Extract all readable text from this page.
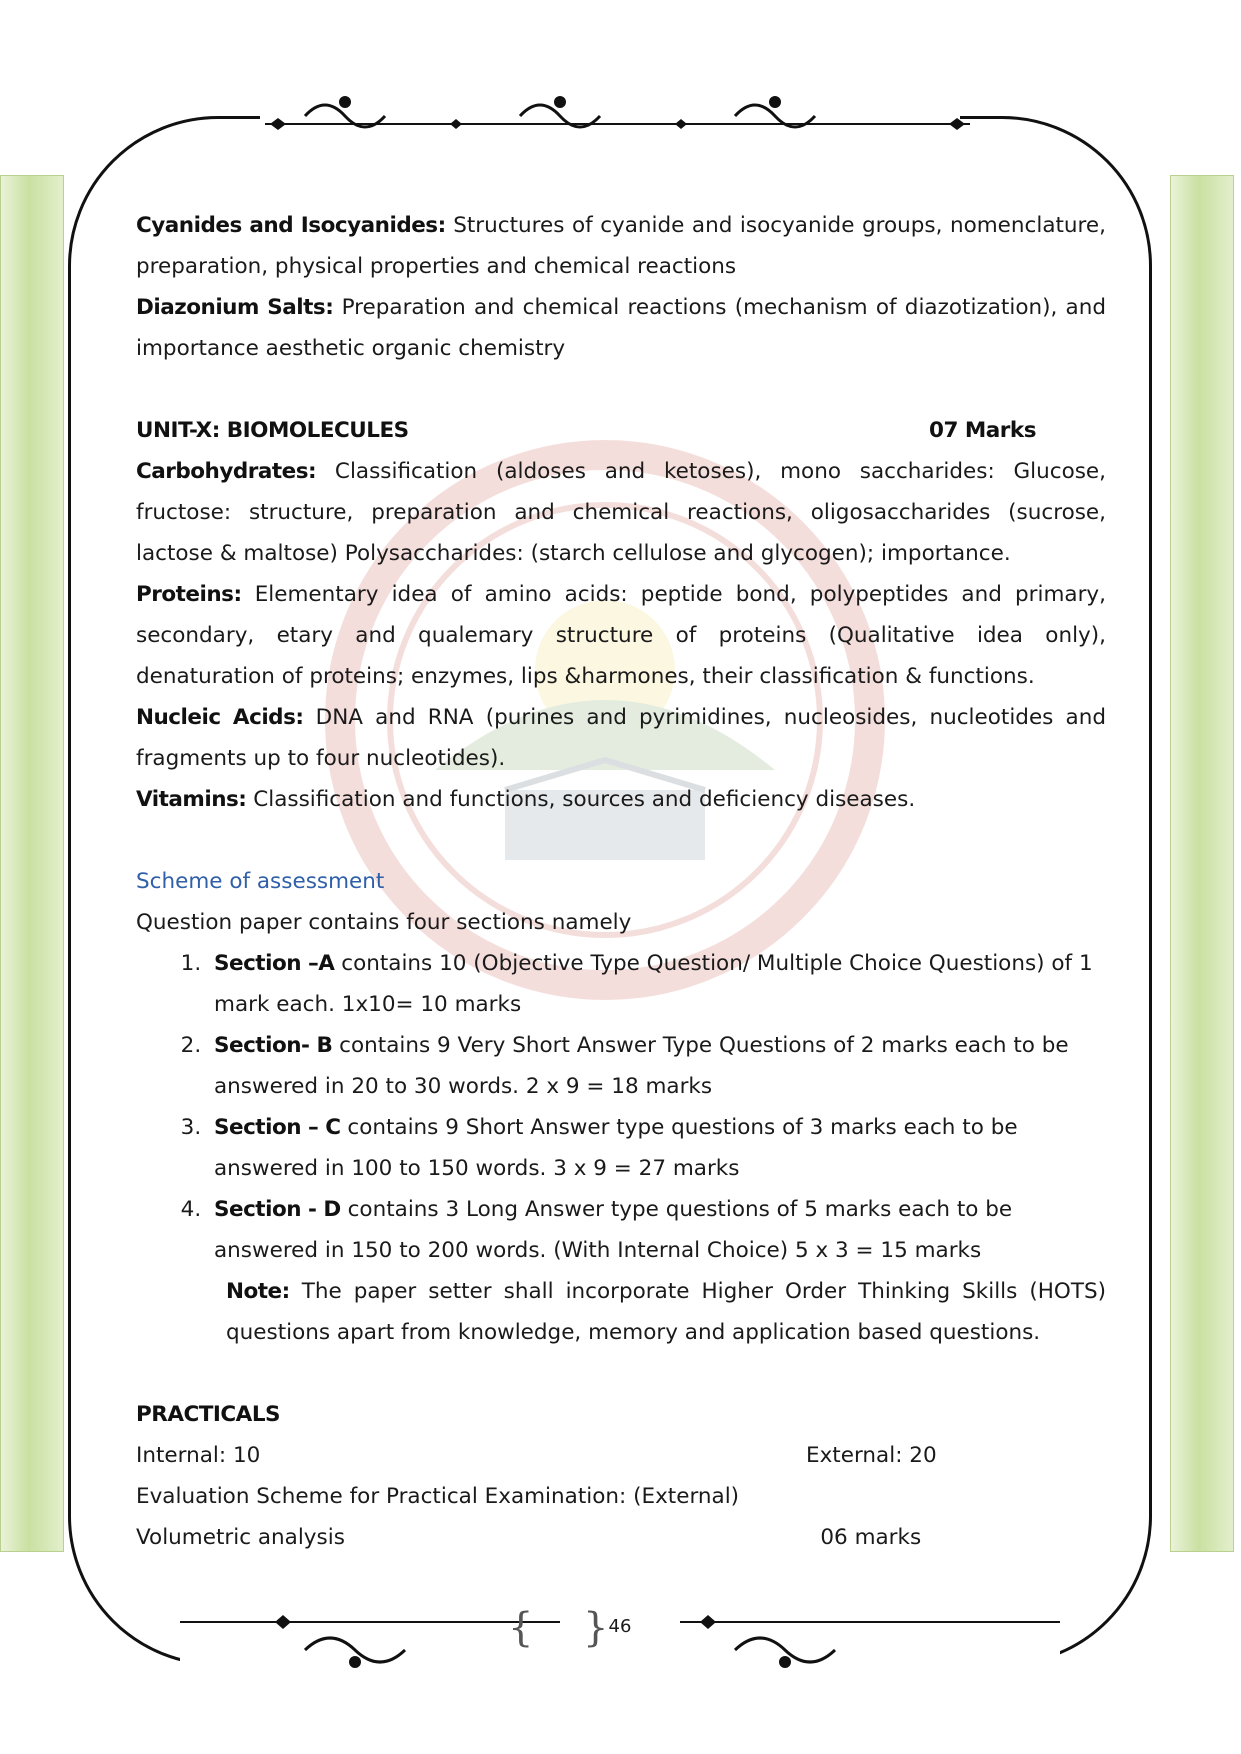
Cyanides and Isocyanides: Structures of cyanide and isocyanide groups, nomenclature, preparation, physical properties and chemical reactions

Diazonium Salts: Preparation and chemical reactions (mechanism of diazotization), and importance aesthetic organic chemistry

UNIT-X: BIOMOLECULES	07 Marks

Carbohydrates: Classification (aldoses and ketoses), mono saccharides: Glucose, fructose: structure, preparation and chemical reactions, oligosaccharides (sucrose, lactose & maltose) Polysaccharides: (starch cellulose and glycogen); importance.

Proteins: Elementary idea of amino acids: peptide bond, polypeptides and primary, secondary, etary and qualemary structure of proteins (Qualitative idea only), denaturation of proteins; enzymes, lips &harmones, their classification & functions.

Nucleic Acids: DNA and RNA (purines and pyrimidines, nucleosides, nucleotides and fragments up to four nucleotides).

Vitamins: Classification and functions, sources and deficiency diseases.

Scheme of assessment

Question paper contains four sections namely

1. Section –A contains 10 (Objective Type Question/ Multiple Choice Questions) of 1 mark each. 1x10= 10 marks
2. Section- B contains 9 Very Short Answer Type Questions of 2 marks each to be answered in 20 to 30 words. 2 x 9 = 18 marks
3. Section – C contains 9 Short Answer type questions of 3 marks each to be answered in 100 to 150 words. 3 x 9 = 27 marks
4. Section - D contains 3 Long Answer type questions of 5 marks each to be answered in 150 to 200 words. (With Internal Choice) 5 x 3 = 15 marks

Note: The paper setter shall incorporate Higher Order Thinking Skills (HOTS) questions apart from knowledge, memory and application based questions.

PRACTICALS

Internal: 10	External: 20

Evaluation Scheme for Practical Examination: (External)

Volumetric analysis	06 marks
{ } 46
